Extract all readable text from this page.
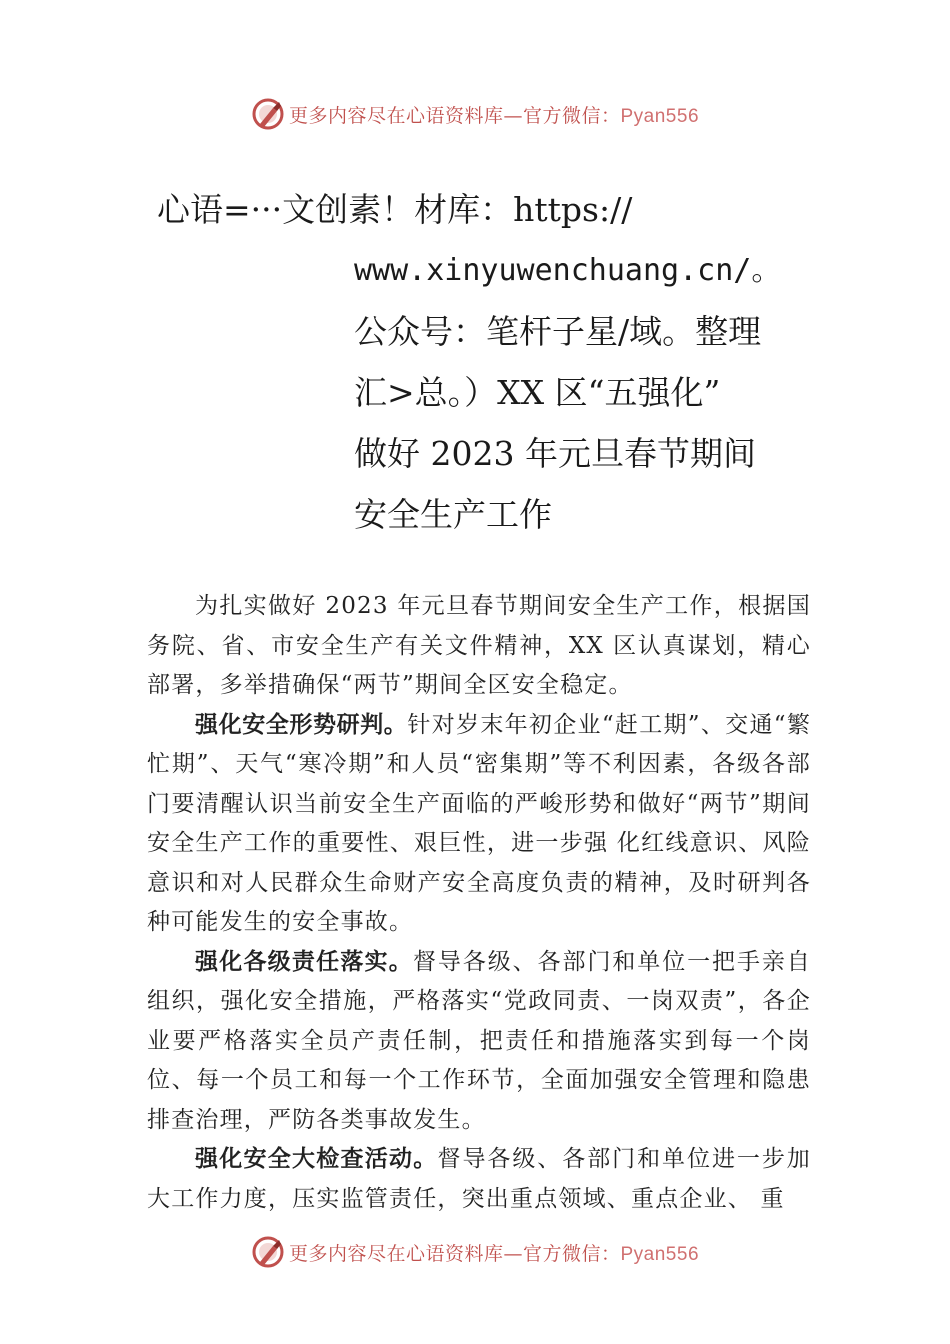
更多内容尽在心语资料库—官方微信：Pyan556
心语=···文创素！材库：https://
www.xinyuwenchuang.cn/。
公众号：笔杆子星/域。整理
汇>总。）XX 区“五强化”
做好 2023 年元旦春节期间
安全生产工作

为扎实做好 2023 年元旦春节期间安全生产工作，根据国务院、省、市安全生产有关文件精神，XX 区认真谋划，精心部署，多举措确保“两节”期间全区安全稳定。

强化安全形势研判。针对岁末年初企业“赶工期”、交通“繁忙期”、天气“寒冷期”和人员“密集期”等不利因素，各级各部门要清醒认识当前安全生产面临的严峻形势和做好“两节”期间安全生产工作的重要性、艰巨性，进一步强 化红线意识、风险意识和对人民群众生命财产安全高度负责的精神，及时研判各种可能发生的安全事故。

强化各级责任落实。督导各级、各部门和单位一把手亲自组织，强化安全措施，严格落实“党政同责、一岗双责”，各企业要严格落实全员产责任制，把责任和措施落实到每一个岗位、每一个员工和每一个工作环节，全面加强安全管理和隐患排查治理，严防各类事故发生。

强化安全大检查活动。督导各级、各部门和单位进一步加大工作力度，压实监管责任，突出重点领域、重点企业、 重

更多内容尽在心语资料库—官方微信：Pyan556
